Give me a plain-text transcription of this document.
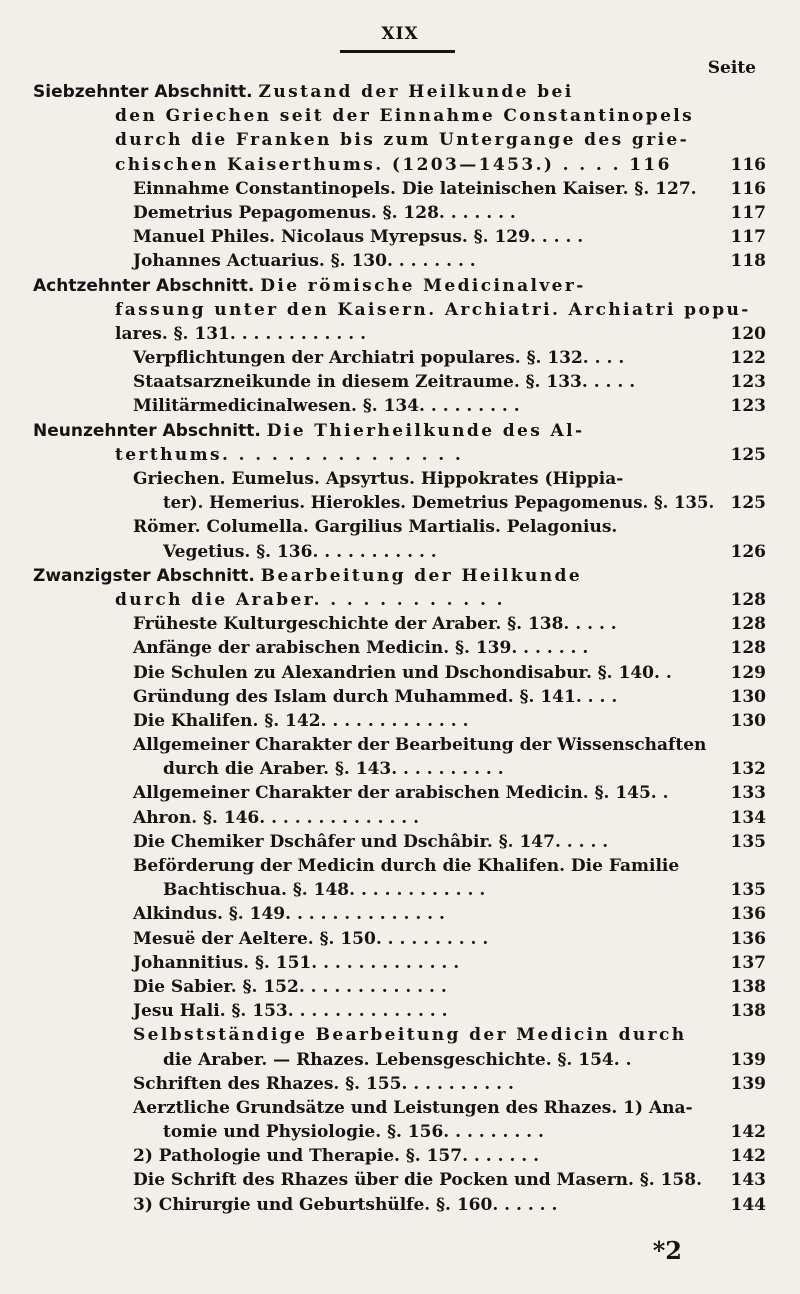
XIX
Seite
Siebzehnter Abschnitt. Zustand der Heilkunde bei
den Griechen seit der Einnahme Constantinopels
durch die Franken bis zum Untergange des grie-
chischen Kaiserthums. (1203—1453.) . . . . 116	116
Einnahme Constantinopels. Die lateinischen Kaiser. §. 127.	116
Demetrius Pepagomenus. §. 128. . . . . . .	117
Manuel Philes. Nicolaus Myrepsus. §. 129. . . . .	117
Johannes Actuarius. §. 130. . . . . . . .	118
Achtzehnter Abschnitt. Die römische Medicinalver-
fassung unter den Kaisern. Archiatri. Archiatri popu-
lares. §. 131. . . . . . . . . . . .	120
Verpflichtungen der Archiatri populares. §. 132. . . .	122
Staatsarzneikunde in diesem Zeitraume. §. 133. . . . .	123
Militärmedicinalwesen. §. 134. . . . . . . . .	123
Neunzehnter Abschnitt. Die Thierheilkunde des Al-
terthums. . . . . . . . . . . . . . .	125
Griechen. Eumelus. Apsyrtus. Hippokrates (Hippia-
ter). Hemerius. Hierokles. Demetrius Pepagomenus. §. 135. 125
Römer. Columella. Gargilius Martialis. Pelagonius.
Vegetius. §. 136. . . . . . . . . . .	126
Zwanzigster Abschnitt. Bearbeitung der Heilkunde
durch die Araber. . . . . . . . . . . .	128
Früheste Kulturgeschichte der Araber. §. 138. . . . .	128
Anfänge der arabischen Medicin. §. 139. . . . . . .	128
Die Schulen zu Alexandrien und Dschondisabur. §. 140. .	129
Gründung des Islam durch Muhammed. §. 141. . . .	130
Die Khalifen. §. 142. . . . . . . . . . . . .	130
Allgemeiner Charakter der Bearbeitung der Wissenschaften
durch die Araber. §. 143. . . . . . . . . .	132
Allgemeiner Charakter der arabischen Medicin. §. 145. .	133
Ahron. §. 146. . . . . . . . . . . . . .	134
Die Chemiker Dschâfer und Dschâbir. §. 147. . . . .	135
Beförderung der Medicin durch die Khalifen. Die Familie
Bachtischua. §. 148. . . . . . . . . . . .	135
Alkindus. §. 149. . . . . . . . . . . . . .	136
Mesuë der Aeltere. §. 150. . . . . . . . . .	136
Johannitius. §. 151. . . . . . . . . . . . .	137
Die Sabier. §. 152. . . . . . . . . . . . .	138
Jesu Hali. §. 153. . . . . . . . . . . . . .	138
Selbstständige Bearbeitung der Medicin durch
die Araber. — Rhazes. Lebensgeschichte. §. 154. .	139
Schriften des Rhazes. §. 155. . . . . . . . . .	139
Aerztliche Grundsätze und Leistungen des Rhazes. 1) Ana-
tomie und Physiologie. §. 156. . . . . . . . .	142
2) Pathologie und Therapie. §. 157. . . . . . .	142
Die Schrift des Rhazes über die Pocken und Masern. §. 158.	143
3) Chirurgie und Geburtshülfe. §. 160. . . . . .	144
*2
